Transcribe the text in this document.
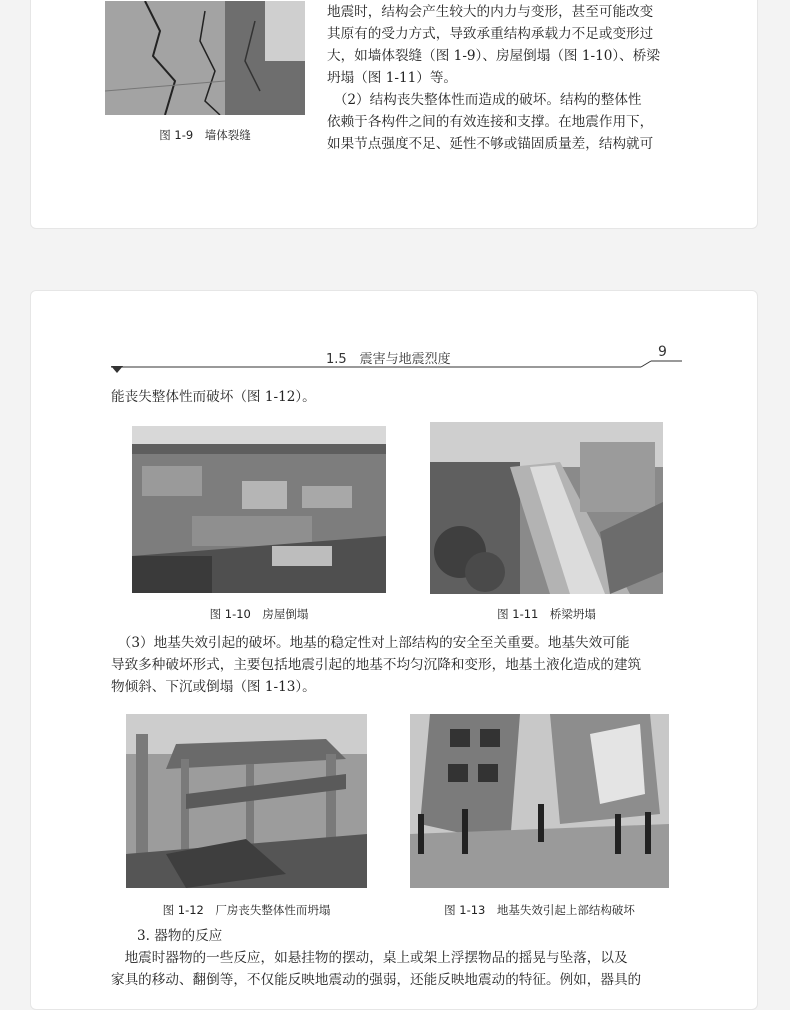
图 1-9　墙体裂缝

地震时，结构会产生较大的内力与变形，甚至可能改变
其原有的受力方式，导致承重结构承载力不足或变形过
大，如墙体裂缝（图 1-9）、房屋倒塌（图 1-10）、桥梁
坍塌（图 1-11）等。

　（2）结构丧失整体性而造成的破坏。结构的整体性
依赖于各构件之间的有效连接和支撑。在地震作用下，
如果节点强度不足、延性不够或锚固质量差，结构就可

1.5　震害与地震烈度	9

能丧失整体性而破坏（图 1-12）。

图 1-10　房屋倒塌	图 1-11　桥梁坍塌

　（3）地基失效引起的破坏。地基的稳定性对上部结构的安全至关重要。地基失效可能
导致多种破坏形式，主要包括地震引起的地基不均匀沉降和变形，地基土液化造成的建筑
物倾斜、下沉或倒塌（图 1-13）。

图 1-12　厂房丧失整体性而坍塌	图 1-13　地基失效引起上部结构破坏
3. 器物的反应

　地震时器物的一些反应，如悬挂物的摆动，桌上或架上浮摆物品的摇晃与坠落，以及
家具的移动、翻倒等，不仅能反映地震动的强弱，还能反映地震动的特征。例如，器具的
